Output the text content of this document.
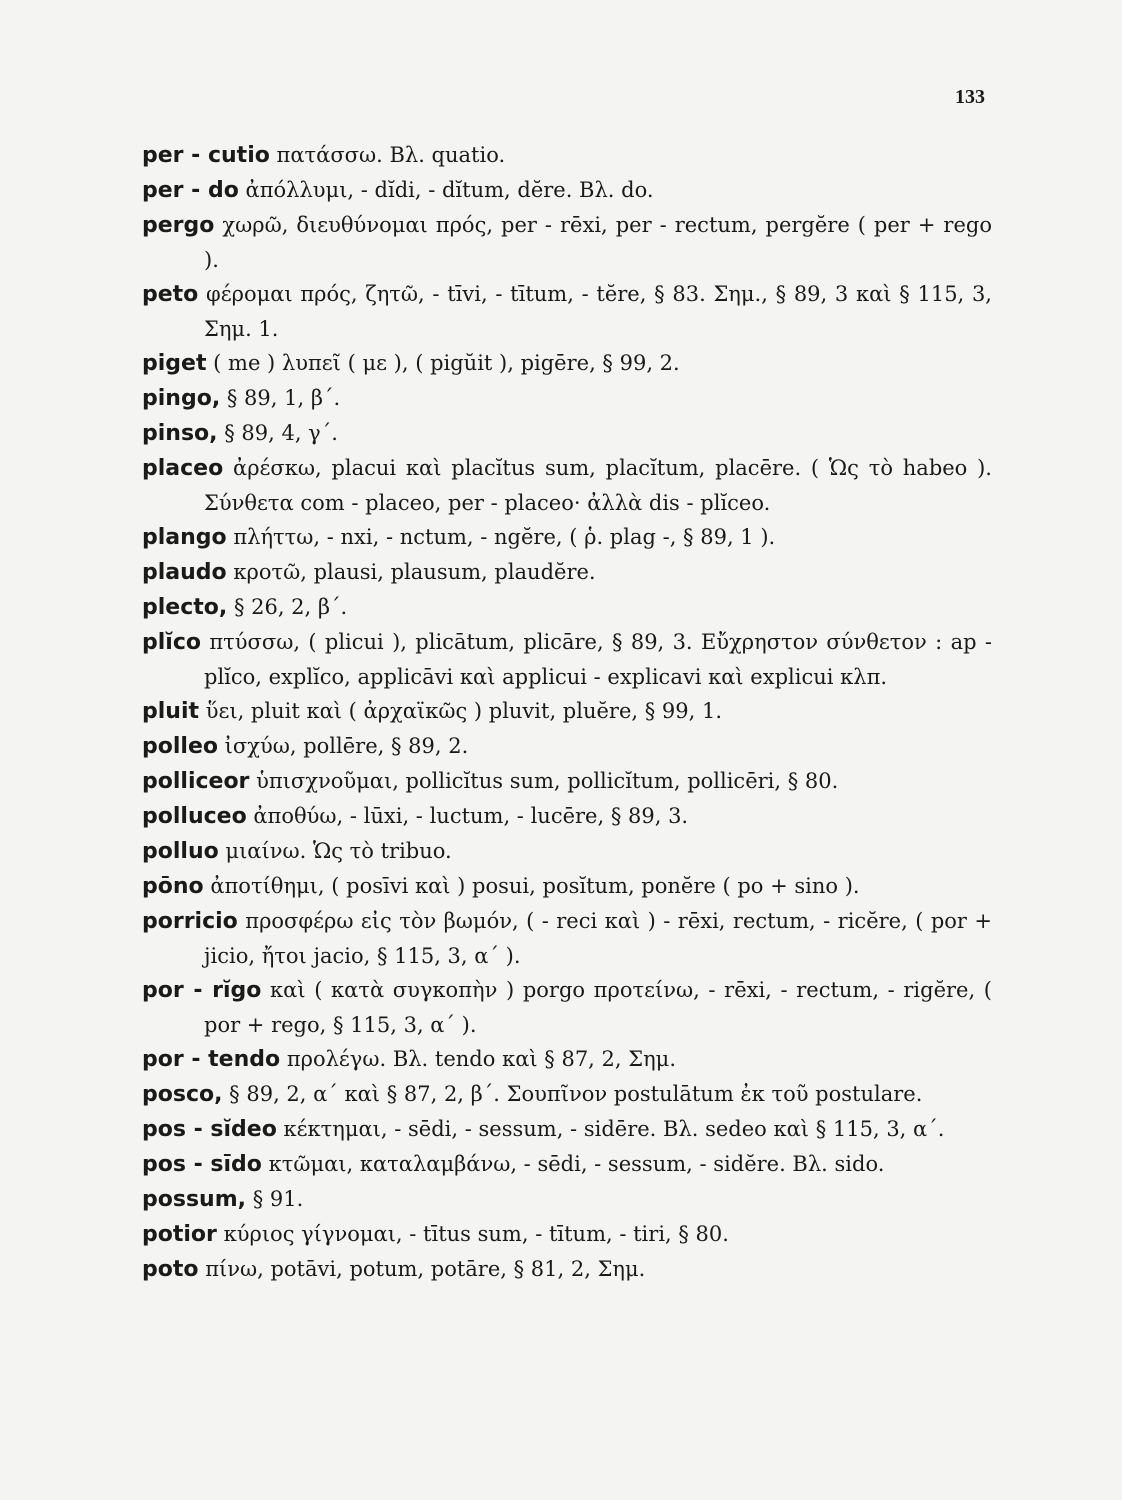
133

per - cutio πατάσσω. Βλ. quatio.

per - do ἀπόλλυμι, - dĭdi, - dĭtum, dĕre. Βλ. do.

pergo χωρῶ, διευθύνομαι πρός, per - rēxi, per - rectum, pergĕre ( per + rego ).

peto φέρομαι πρός, ζητῶ, - tīvi, - tītum, - tĕre, § 83. Σημ., § 89, 3 καὶ § 115, 3, Σημ. 1.

piget ( me ) λυπεῖ ( με ), ( pigŭit ), pigēre, § 99, 2.

pingo, § 89, 1, β΄.

pinso, § 89, 4, γ΄.

placeo ἀρέσκω, placui καὶ placĭtus sum, placĭtum, placēre. ( Ὡς τὸ habeo ). Σύνθετα com - placeo, per - placeo· ἀλλὰ dis - plĭceo.

plango πλήττω, - nxi, - nctum, - ngĕre, ( ῥ. plag -, § 89, 1 ).

plaudo κροτῶ, plausi, plausum, plaudĕre.

plecto, § 26, 2, β΄.

plĭco πτύσσω, ( plicui ), plicātum, plicāre, § 89, 3. Εὔχρηστον σύνθετον : ap - plĭco, explĭco, applicāvi καὶ applicui - explicavi καὶ explicui κλπ.

pluit ὕει, pluit καὶ ( ἀρχαϊκῶς ) pluvit, pluĕre, § 99, 1.

polleo ἰσχύω, pollēre, § 89, 2.

polliceor ὑπισχνοῦμαι, pollicĭtus sum, pollicĭtum, pollicēri, § 80.

polluceo ἀποθύω, - lūxi, - luctum, - lucēre, § 89, 3.

polluo μιαίνω. Ὡς τὸ tribuo.

pōno ἀποτίθημι, ( posīvi καὶ ) posui, posĭtum, ponĕre ( po + sino ).

porricio προσφέρω εἰς τὸν βωμόν, ( - reci καὶ ) - rēxi, rectum, - ricĕre, ( por + jicio, ἤτοι jacio, § 115, 3, α΄ ).

por - rĭgo καὶ ( κατὰ συγκοπὴν ) porgo προτείνω, - rēxi, - rectum, - rigĕre, ( por + rego, § 115, 3, α΄ ).

por - tendo προλέγω. Βλ. tendo καὶ § 87, 2, Σημ.

posco, § 89, 2, α΄ καὶ § 87, 2, β΄. Σουπῖνον postulātum ἐκ τοῦ postulare.

pos - sĭdeo κέκτημαι, - sēdi, - sessum, - sidēre. Βλ. sedeo καὶ § 115, 3, α΄.

pos - sīdo κτῶμαι, καταλαμβάνω, - sēdi, - sessum, - sidĕre. Βλ. sido.

possum, § 91.

potior κύριος γίγνομαι, - tītus sum, - tītum, - tiri, § 80.

poto πίνω, potāvi, potum, potāre, § 81, 2, Σημ.
